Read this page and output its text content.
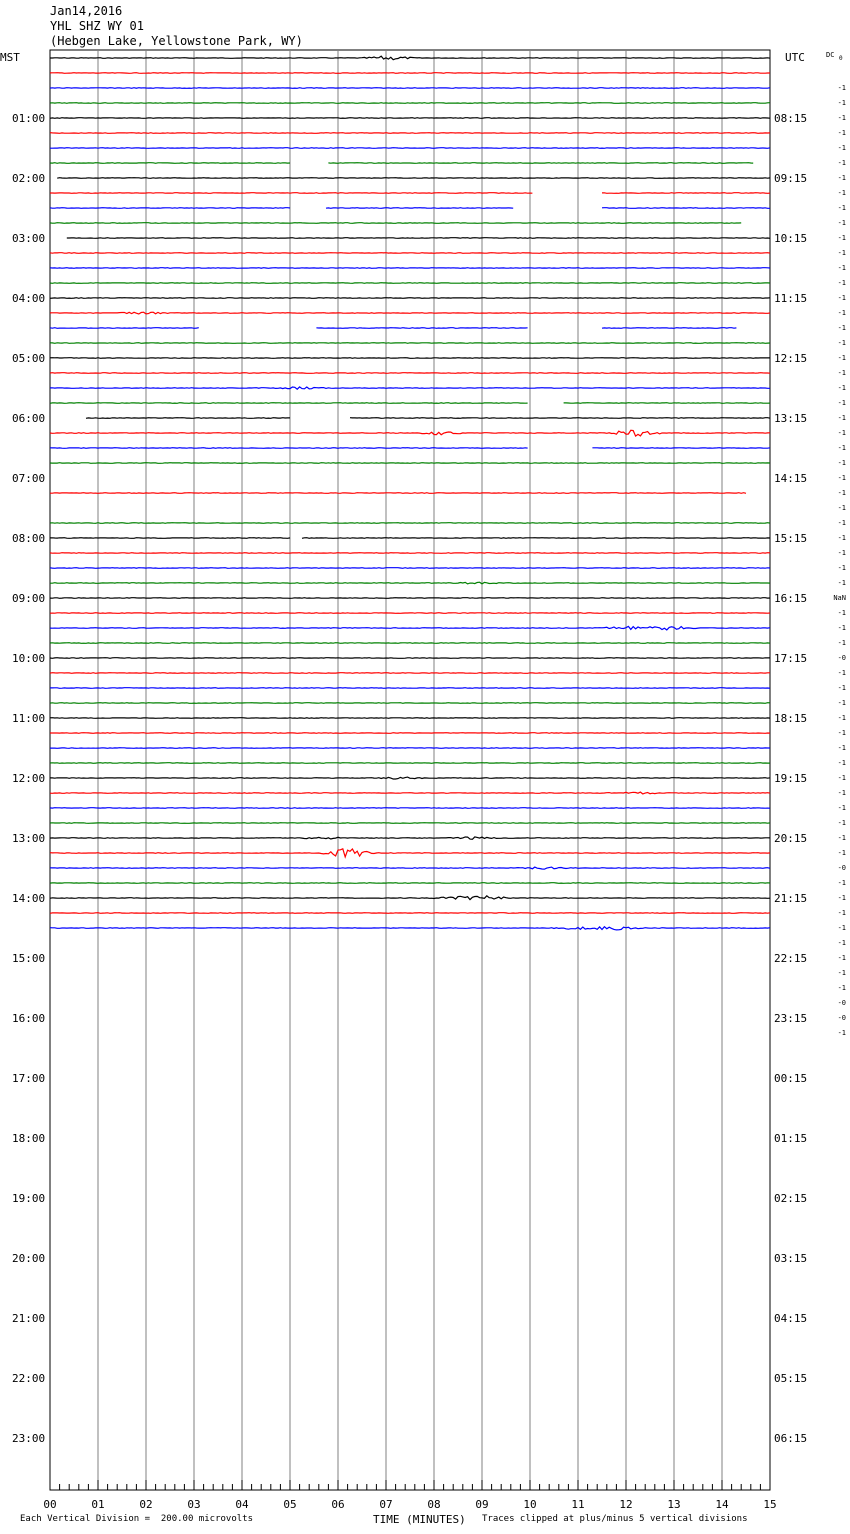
Jan14,2016
YHL SHZ WY 01
(Hebgen Lake, Yellowstone Park, WY)
01:00
02:00
03:00
04:00
05:00
06:00
07:00
08:00
09:00
10:00
11:00
12:00
13:00
14:00
15:00
16:00
17:00
18:00
19:00
20:00
21:00
22:00
23:00
08:15
09:15
10:15
11:15
12:15
13:15
14:15
15:15
16:15
17:15
18:15
19:15
20:15
21:15
22:15
23:15
00:15
01:15
02:15
03:15
04:15
05:15
06:15
-1
-1
-1
-1
-1
-1
-1
-1
-1
-1
-1
-1
-1
-1
-1
-1
-1
-1
-1
-1
-1
-1
-1
-1
-1
-1
-1
-1
-1
-1
-1
-1
-1
-1
NaN
-1
-1
-1
-0
-1
-1
-1
-1
-1
-1
-1
-1
-1
-1
-1
-1
-1
-0
-1
-1
-1
-1
-1
-1
-1
-1
-0
-0
-1
00	01	02	03	04	05	06	07	08	09	10	11	12	13	14	15
MST	UTC	DC 0
TIME (MINUTES)
Each Vertical Division =  200.00 microvolts	Traces clipped at plus/minus 5 vertical divisions
